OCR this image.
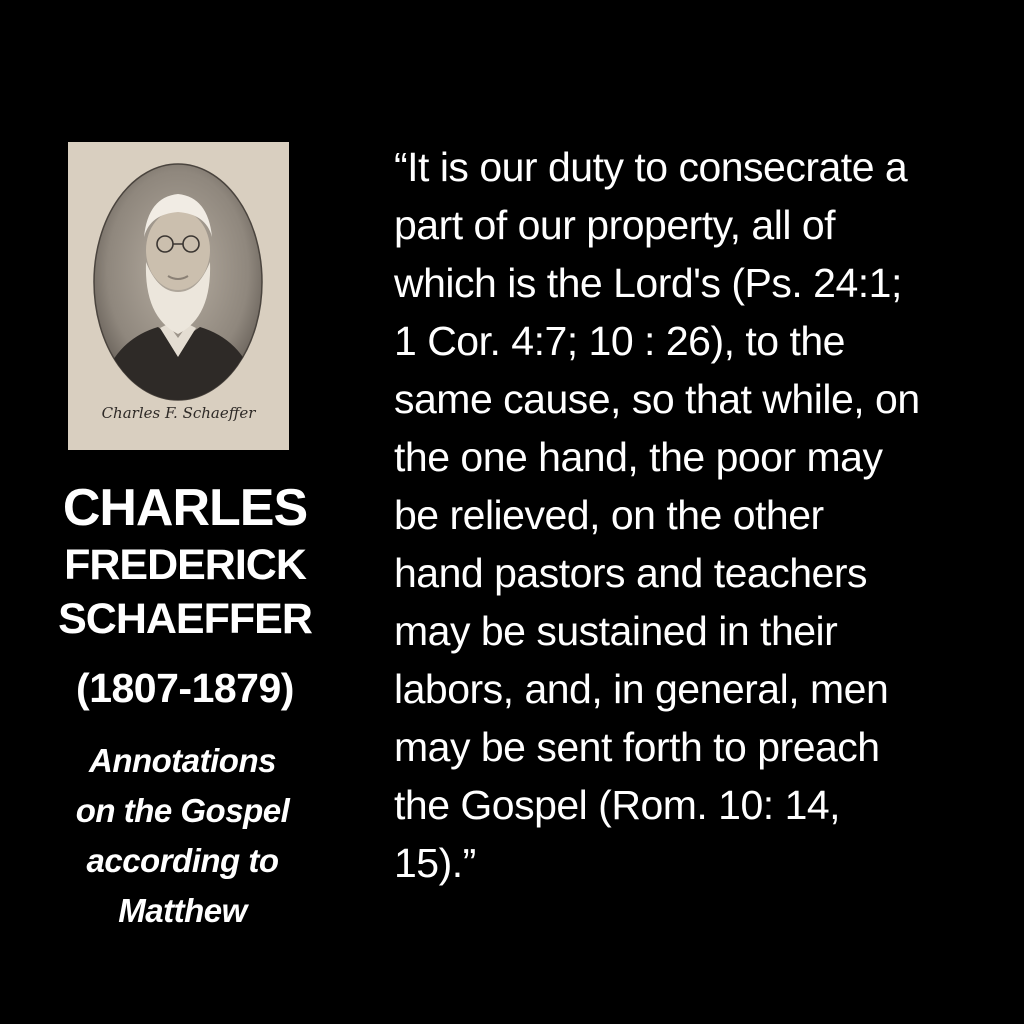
Charles F. Schaeffer
CHARLES
FREDERICK
SCHAEFFER
(1807-1879)
Annotations
on the Gospel
according to
Matthew
“It is our duty to consecrate a
part of our property, all of
which is the Lord's (Ps. 24:1;
1 Cor. 4:7; 10 : 26), to the
same cause, so that while, on
the one hand, the poor may
be relieved, on the other
hand pastors and teachers
may be sustained in their
labors, and, in general, men
may be sent forth to preach
the Gospel (Rom. 10: 14,
15).”
